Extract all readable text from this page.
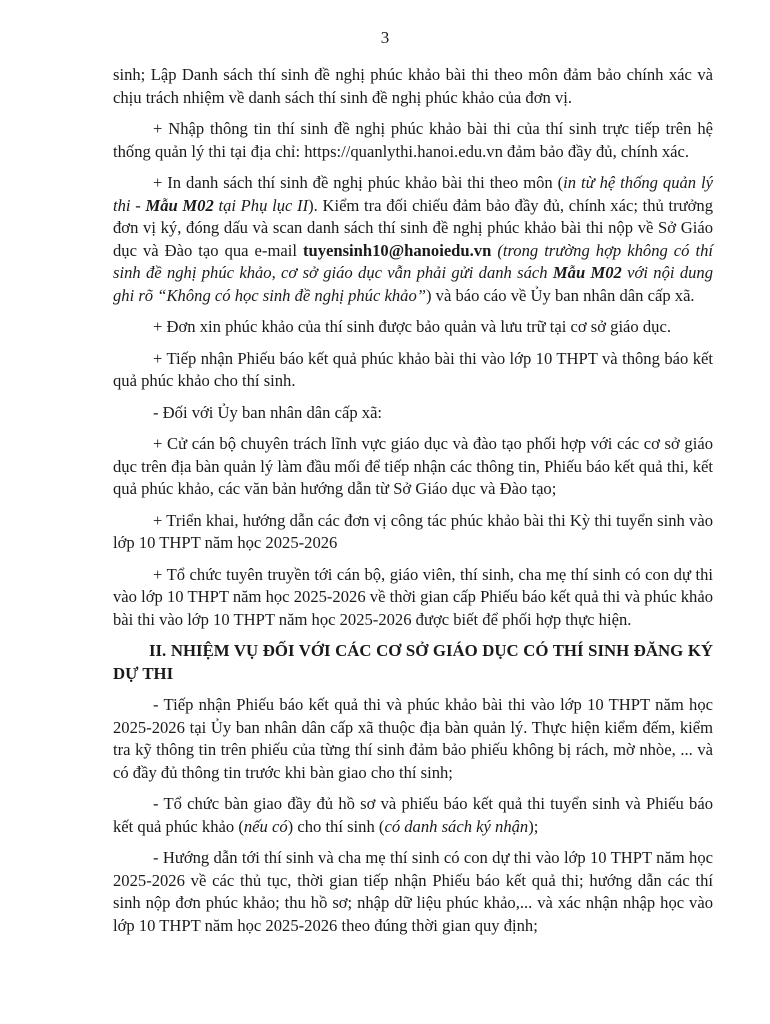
3

sinh; Lập Danh sách thí sinh đề nghị phúc khảo bài thi theo môn đảm bảo chính xác và chịu trách nhiệm về danh sách thí sinh đề nghị phúc khảo của đơn vị.

+ Nhập thông tin thí sinh đề nghị phúc khảo bài thi của thí sinh trực tiếp trên hệ thống quản lý thi tại địa chỉ: https://quanlythi.hanoi.edu.vn đảm bảo đầy đủ, chính xác.

+ In danh sách thí sinh đề nghị phúc khảo bài thi theo môn (in từ hệ thống quản lý thi - Mẫu M02 tại Phụ lục II). Kiểm tra đối chiếu đảm bảo đầy đủ, chính xác; thủ trưởng đơn vị ký, đóng dấu và scan danh sách thí sinh đề nghị phúc khảo bài thi nộp về Sở Giáo dục và Đào tạo qua e-mail tuyensinh10@hanoiedu.vn (trong trường hợp không có thí sinh đề nghị phúc khảo, cơ sở giáo dục vẫn phải gửi danh sách Mẫu M02 với nội dung ghi rõ “Không có học sinh đề nghị phúc khảo”) và báo cáo về Ủy ban nhân dân cấp xã.

+ Đơn xin phúc khảo của thí sinh được bảo quản và lưu trữ tại cơ sở giáo dục.

+ Tiếp nhận Phiếu báo kết quả phúc khảo bài thi vào lớp 10 THPT và thông báo kết quả phúc khảo cho thí sinh.

- Đối với Ủy ban nhân dân cấp xã:

+ Cử cán bộ chuyên trách lĩnh vực giáo dục và đào tạo phối hợp với các cơ sở giáo dục trên địa bàn quản lý làm đầu mối để tiếp nhận các thông tin, Phiếu báo kết quả thi, kết quả phúc khảo, các văn bản hướng dẫn từ Sở Giáo dục và Đào tạo;

+ Triển khai, hướng dẫn các đơn vị công tác phúc khảo bài thi Kỳ thi tuyển sinh vào lớp 10 THPT năm học 2025-2026

+ Tổ chức tuyên truyền tới cán bộ, giáo viên, thí sinh, cha mẹ thí sinh có con dự thi vào lớp 10 THPT năm học 2025-2026 về thời gian cấp Phiếu báo kết quả thi và phúc khảo bài thi vào lớp 10 THPT năm học 2025-2026 được biết để phối hợp thực hiện.

II. NHIỆM VỤ ĐỐI VỚI CÁC CƠ SỞ GIÁO DỤC CÓ THÍ SINH ĐĂNG KÝ DỰ THI

- Tiếp nhận Phiếu báo kết quả thi và phúc khảo bài thi vào lớp 10 THPT năm học 2025-2026 tại Ủy ban nhân dân cấp xã thuộc địa bàn quản lý. Thực hiện kiểm đếm, kiểm tra kỹ thông tin trên phiếu của từng thí sinh đảm bảo phiếu không bị rách, mờ nhòe, ... và có đầy đủ thông tin trước khi bàn giao cho thí sinh;

- Tổ chức bàn giao đầy đủ hồ sơ và phiếu báo kết quả thi tuyển sinh và Phiếu báo kết quả phúc khảo (nếu có) cho thí sinh (có danh sách ký nhận);

- Hướng dẫn tới thí sinh và cha mẹ thí sinh có con dự thi vào lớp 10 THPT năm học 2025-2026 về các thủ tục, thời gian tiếp nhận Phiếu báo kết quả thi; hướng dẫn các thí sinh nộp đơn phúc khảo; thu hồ sơ; nhập dữ liệu phúc khảo,... và xác nhận nhập học vào lớp 10 THPT năm học 2025-2026 theo đúng thời gian quy định;
